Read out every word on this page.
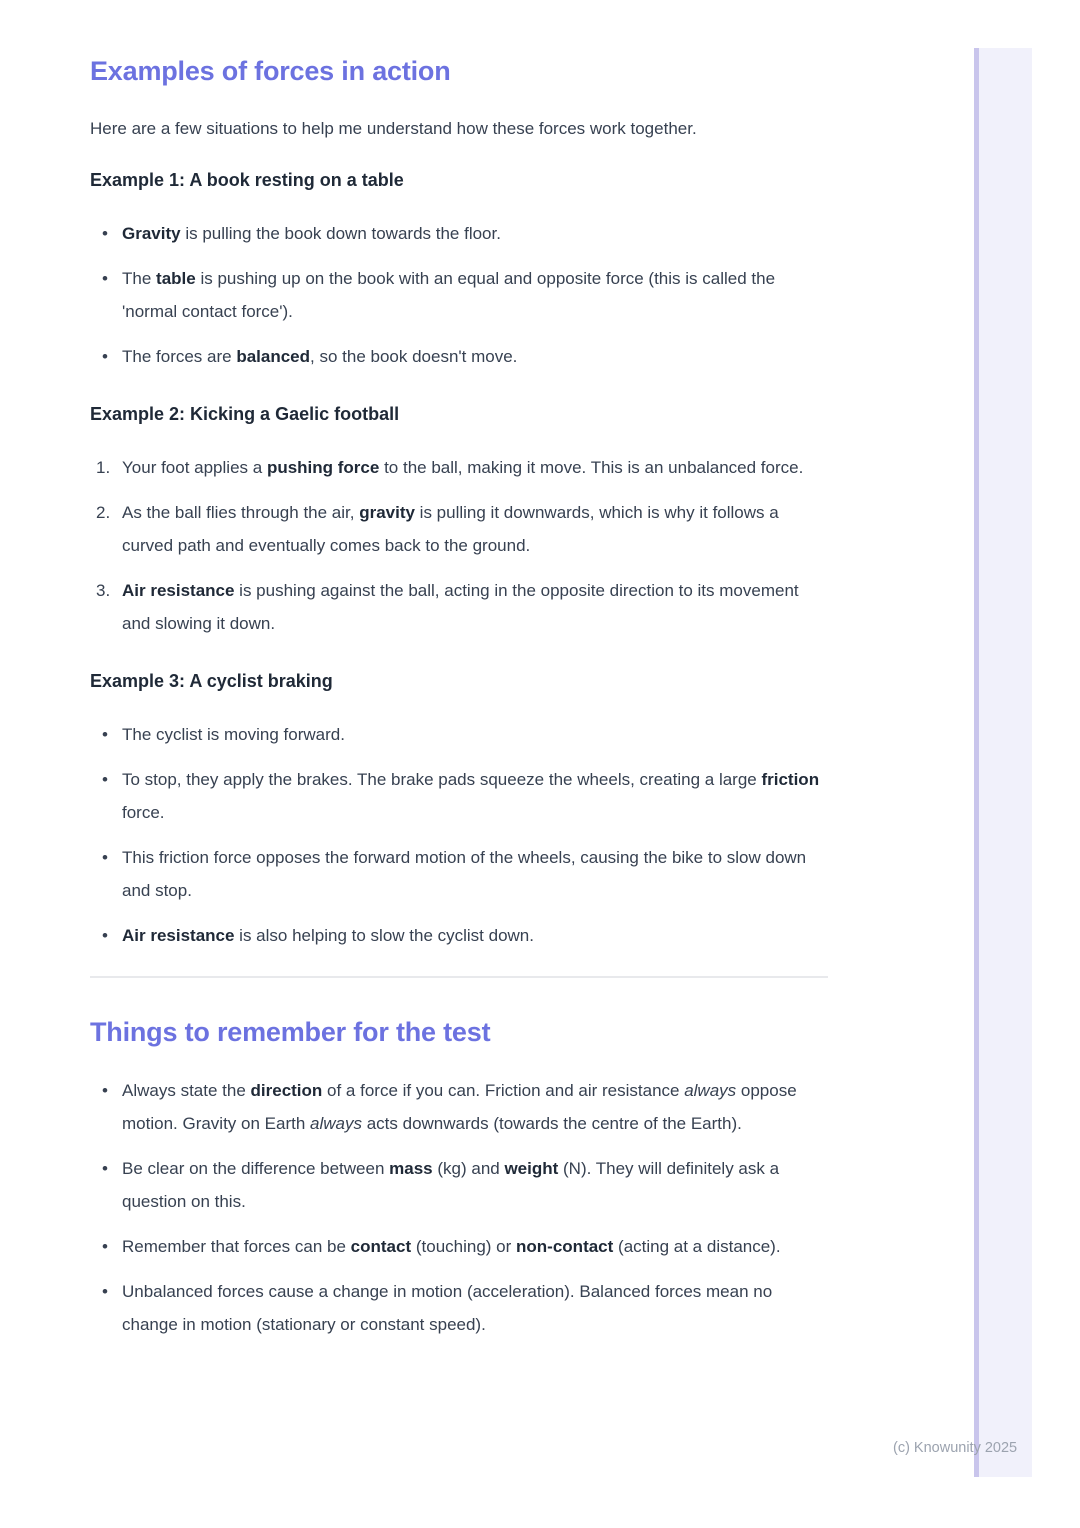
(c) Knowunity 2025
Examples of forces in action

Here are a few situations to help me understand how these forces work together.

Example 1: A book resting on a table
• Gravity is pulling the book down towards the floor.
• The table is pushing up on the book with an equal and opposite force (this is called the 'normal contact force').
• The forces are balanced, so the book doesn't move.
Example 2: Kicking a Gaelic football
1. Your foot applies a pushing force to the ball, making it move. This is an unbalanced force.
2. As the ball flies through the air, gravity is pulling it downwards, which is why it follows a curved path and eventually comes back to the ground.
3. Air resistance is pushing against the ball, acting in the opposite direction to its movement and slowing it down.
Example 3: A cyclist braking
• The cyclist is moving forward.
• To stop, they apply the brakes. The brake pads squeeze the wheels, creating a large friction force.
• This friction force opposes the forward motion of the wheels, causing the bike to slow down and stop.
• Air resistance is also helping to slow the cyclist down.
Things to remember for the test
• Always state the direction of a force if you can. Friction and air resistance always oppose motion. Gravity on Earth always acts downwards (towards the centre of the Earth).
• Be clear on the difference between mass (kg) and weight (N). They will definitely ask a question on this.
• Remember that forces can be contact (touching) or non-contact (acting at a distance).
• Unbalanced forces cause a change in motion (acceleration). Balanced forces mean no change in motion (stationary or constant speed).
